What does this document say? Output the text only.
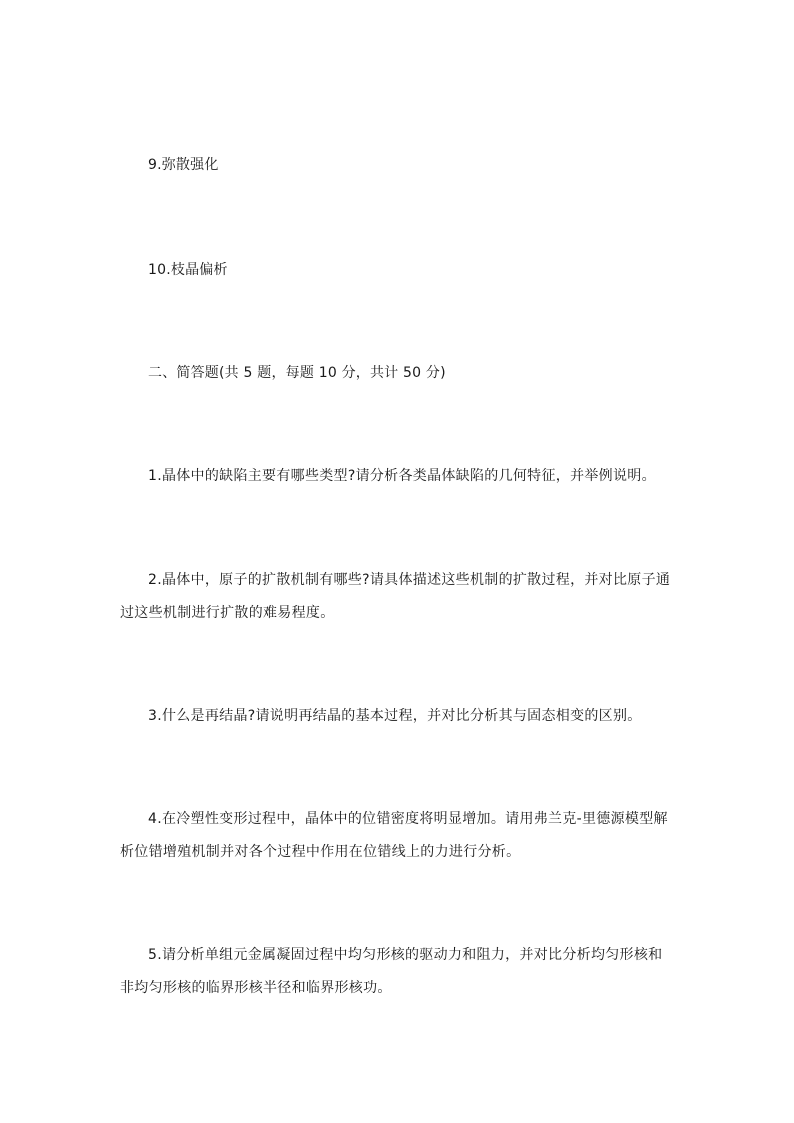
9.弥散强化
10.枝晶偏析
二、简答题(共 5 题，每题 10 分，共计 50 分)
1.晶体中的缺陷主要有哪些类型?请分析各类晶体缺陷的几何特征，并举例说明。
2.晶体中，原子的扩散机制有哪些?请具体描述这些机制的扩散过程，并对比原子通过这些机制进行扩散的难易程度。
3.什么是再结晶?请说明再结晶的基本过程，并对比分析其与固态相变的区别。
4.在冷塑性变形过程中，晶体中的位错密度将明显增加。请用弗兰克-里德源模型解析位错增殖机制并对各个过程中作用在位错线上的力进行分析。
5.请分析单组元金属凝固过程中均匀形核的驱动力和阻力，并对比分析均匀形核和非均匀形核的临界形核半径和临界形核功。
